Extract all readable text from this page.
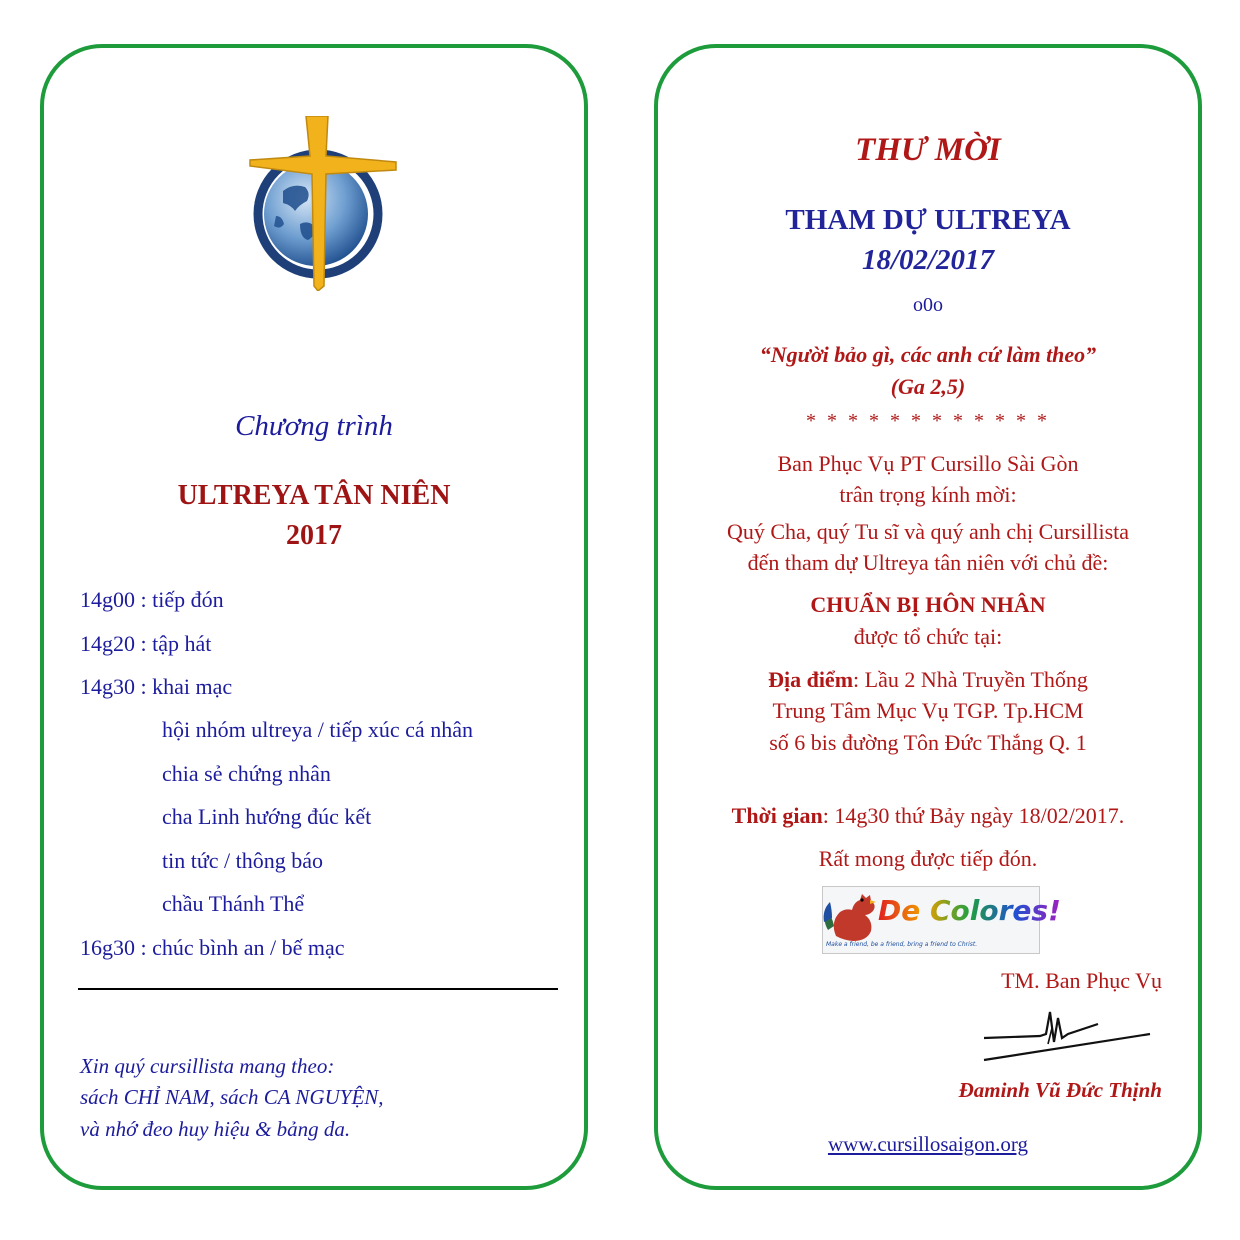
Chương trình
ULTREYA TÂN NIÊN
2017
14g00 : tiếp đón
14g20 : tập hát
14g30 : khai mạc
hội nhóm ultreya / tiếp xúc cá nhân
chia sẻ chứng nhân
cha Linh hướng đúc kết
tin tức / thông báo
chầu Thánh Thể
16g30 : chúc bình an / bế mạc
Xin quý cursillista mang theo:
sách CHỈ NAM, sách CA NGUYỆN,
và nhớ đeo huy hiệu & bảng da.
THƯ MỜI
THAM DỰ ULTREYA
18/02/2017
o0o
“Người bảo gì, các anh cứ làm theo”
(Ga 2,5)
* * * * * * * * * * * *
Ban Phục Vụ PT Cursillo Sài Gòn
trân trọng kính mời:
Quý Cha, quý Tu sĩ và quý anh chị Cursillista
đến tham dự Ultreya tân niên với chủ đề:
CHUẨN BỊ HÔN NHÂN
được tổ chức tại:
Địa điểm: Lầu 2 Nhà Truyền Thống
Trung Tâm Mục Vụ TGP. Tp.HCM
số 6 bis đường Tôn Đức Thắng Q. 1
Thời gian: 14g30 thứ Bảy ngày 18/02/2017.
Rất mong được tiếp đón.
De Colores!
Make a friend, be a friend, bring a friend to Christ.
TM. Ban Phục Vụ
Đaminh Vũ Đức Thịnh
www.cursillosaigon.org
